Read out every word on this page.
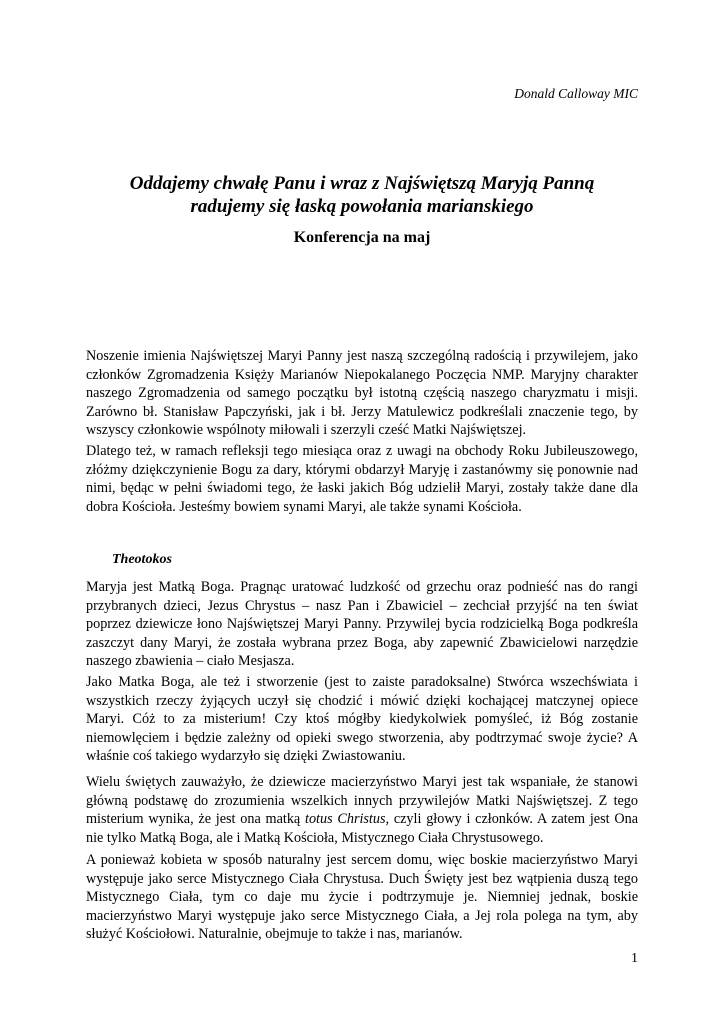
Donald Calloway MIC
Oddajemy chwałę Panu i wraz z Najświętszą Maryją Panną
radujemy się łaską powołania marianskiego
Konferencja na maj

Noszenie imienia Najświętszej Maryi Panny jest naszą szczególną radością i przywilejem, jako członków Zgromadzenia Księży Marianów Niepokalanego Poczęcia NMP. Maryjny charakter naszego Zgromadzenia od samego początku był istotną częścią naszego charyzmatu i misji. Zarówno bł. Stanisław Papczyński, jak i bł. Jerzy Matulewicz podkreślali znaczenie tego, by wszyscy członkowie wspólnoty miłowali i szerzyli cześć Matki Najświętszej.

Dlatego też, w ramach refleksji tego miesiąca oraz z uwagi na obchody Roku Jubileuszowego, złóżmy dziękczynienie Bogu za dary, którymi obdarzył Maryję i zastanówmy się ponownie nad nimi, będąc w pełni świadomi tego, że łaski jakich Bóg udzielił Maryi, zostały także dane dla dobra Kościoła. Jesteśmy bowiem synami Maryi, ale także synami Kościoła.

Theotokos

Maryja jest Matką Boga. Pragnąc uratować ludzkość od grzechu oraz podnieść nas do rangi przybranych dzieci, Jezus Chrystus – nasz Pan i Zbawiciel – zechciał przyjść na ten świat poprzez dziewicze łono Najświętszej Maryi Panny. Przywilej bycia rodzicielką Boga podkreśla zaszczyt dany Maryi, że została wybrana przez Boga, aby zapewnić Zbawicielowi narzędzie naszego zbawienia – ciało Mesjasza.

Jako Matka Boga, ale też i stworzenie (jest to zaiste paradoksalne) Stwórca wszechświata i wszystkich rzeczy żyjących uczył się chodzić i mówić dzięki kochającej matczynej opiece Maryi. Cóż to za misterium! Czy ktoś mógłby kiedykolwiek pomyśleć, iż Bóg zostanie niemowlęciem i będzie zależny od opieki swego stworzenia, aby podtrzymać swoje życie? A właśnie coś takiego wydarzyło się dzięki Zwiastowaniu.

Wielu świętych zauważyło, że dziewicze macierzyństwo Maryi jest tak wspaniałe, że stanowi główną podstawę do zrozumienia wszelkich innych przywilejów Matki Najświętszej. Z tego misterium wynika, że jest ona matką totus Christus, czyli głowy i członków. A zatem jest Ona nie tylko Matką Boga, ale i Matką Kościoła, Mistycznego Ciała Chrystusowego.

A ponieważ kobieta w sposób naturalny jest sercem domu, więc boskie macierzyństwo Maryi występuje jako serce Mistycznego Ciała Chrystusa. Duch Święty jest bez wątpienia duszą tego Mistycznego Ciała, tym co daje mu życie i podtrzymuje je. Niemniej jednak, boskie macierzyństwo Maryi występuje jako serce Mistycznego Ciała, a Jej rola polega na tym, aby służyć Kościołowi. Naturalnie, obejmuje to także i nas, marianów.

1
